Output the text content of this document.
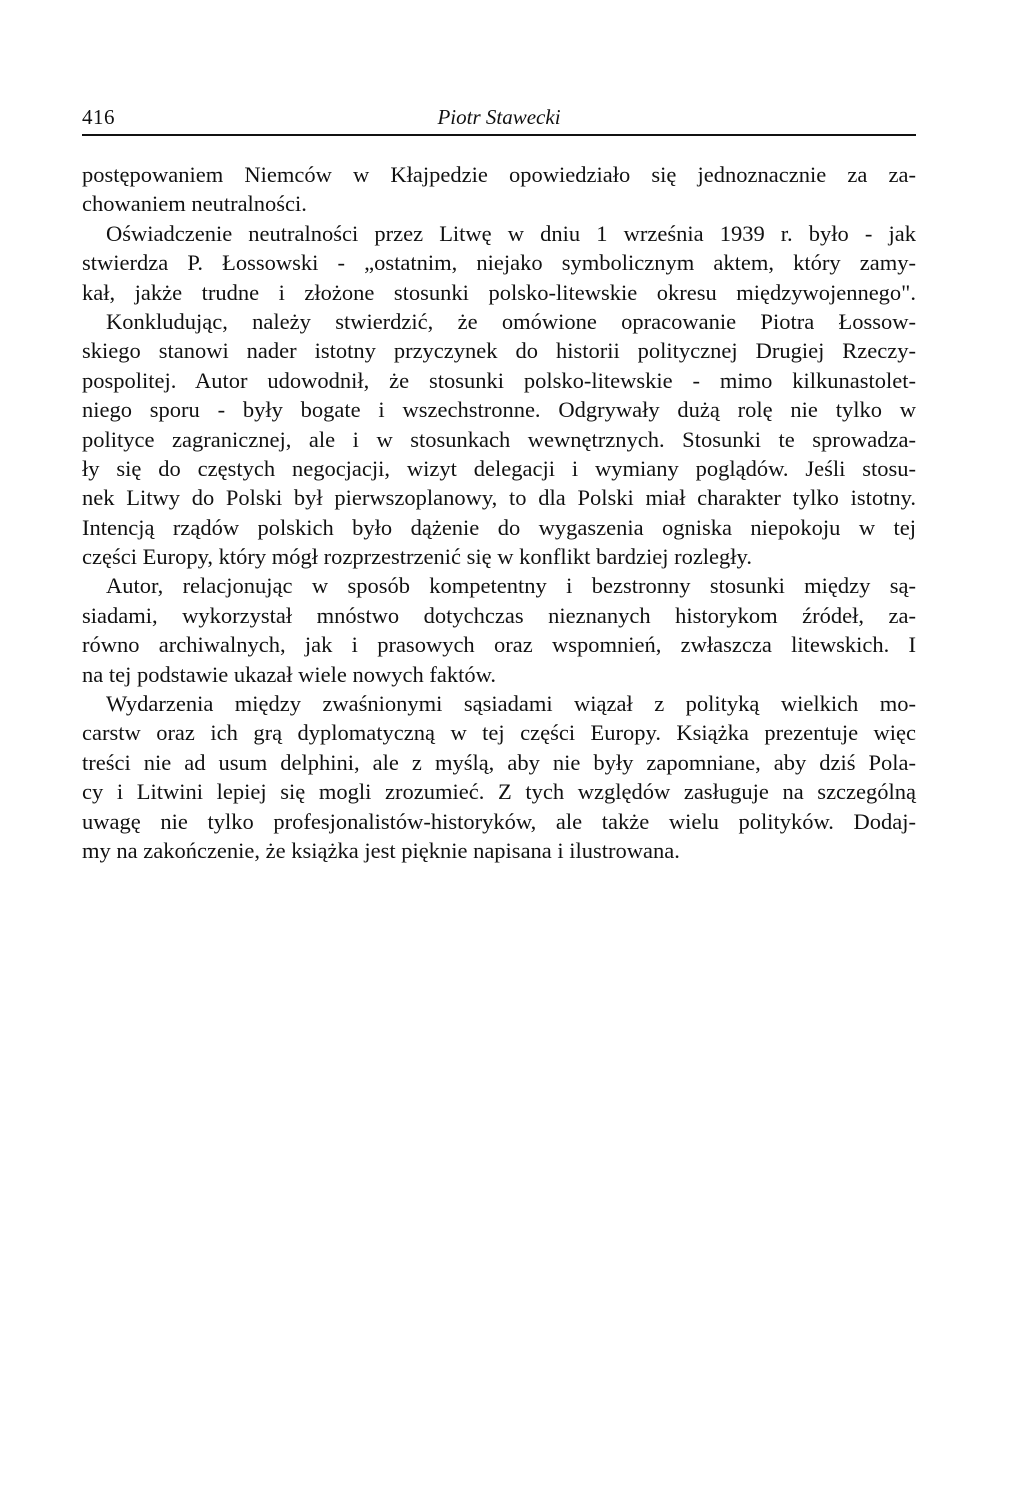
416	Piotr Stawecki
postępowaniem Niemców w Kłajpedzie opowiedziało się jednoznacznie za za-
chowaniem neutralności.
Oświadczenie neutralności przez Litwę w dniu 1 września 1939 r. było - jak
stwierdza P. Łossowski - „ostatnim, niejako symbolicznym aktem, który zamy-
kał, jakże trudne i złożone stosunki polsko-litewskie okresu międzywojennego".
Konkludując, należy stwierdzić, że omówione opracowanie Piotra Łossow-
skiego stanowi nader istotny przyczynek do historii politycznej Drugiej Rzeczy-
pospolitej. Autor udowodnił, że stosunki polsko-litewskie - mimo kilkunastolet-
niego sporu - były bogate i wszechstronne. Odgrywały dużą rolę nie tylko w
polityce zagranicznej, ale i w stosunkach wewnętrznych. Stosunki te sprowadza-
ły się do częstych negocjacji, wizyt delegacji i wymiany poglądów. Jeśli stosu-
nek Litwy do Polski był pierwszoplanowy, to dla Polski miał charakter tylko istotny.
Intencją rządów polskich było dążenie do wygaszenia ogniska niepokoju w tej
części Europy, który mógł rozprzestrzenić się w konflikt bardziej rozległy.
Autor, relacjonując w sposób kompetentny i bezstronny stosunki między są-
siadami, wykorzystał mnóstwo dotychczas nieznanych historykom źródeł, za-
równo archiwalnych, jak i prasowych oraz wspomnień, zwłaszcza litewskich. I
na tej podstawie ukazał wiele nowych faktów.
Wydarzenia między zwaśnionymi sąsiadami wiązał z polityką wielkich mo-
carstw oraz ich grą dyplomatyczną w tej części Europy. Książka prezentuje więc
treści nie ad usum delphini, ale z myślą, aby nie były zapomniane, aby dziś Pola-
cy i Litwini lepiej się mogli zrozumieć. Z tych względów zasługuje na szczególną
uwagę nie tylko profesjonalistów-historyków, ale także wielu polityków. Dodaj-
my na zakończenie, że książka jest pięknie napisana i ilustrowana.
